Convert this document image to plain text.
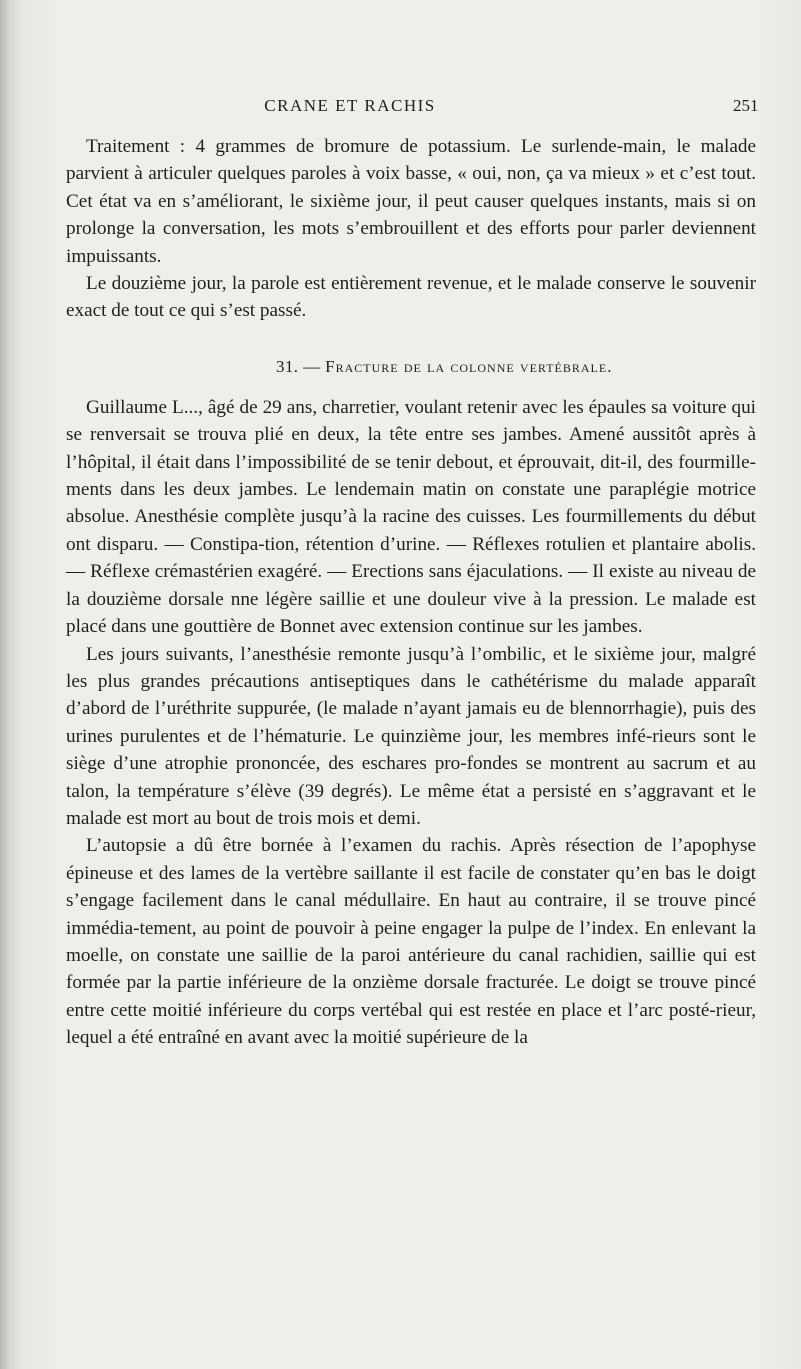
CRANE ET RACHIS	251

Traitement : 4 grammes de bromure de potassium. Le surlende-main, le malade parvient à articuler quelques paroles à voix basse, « oui, non, ça va mieux » et c’est tout. Cet état va en s’améliorant, le sixième jour, il peut causer quelques instants, mais si on prolonge la conversation, les mots s’embrouillent et des efforts pour parler deviennent impuissants.

Le douzième jour, la parole est entièrement revenue, et le malade conserve le souvenir exact de tout ce qui s’est passé.

31. — Fracture de la colonne vertébrale.

Guillaume L..., âgé de 29 ans, charretier, voulant retenir avec les épaules sa voiture qui se renversait se trouva plié en deux, la tête entre ses jambes. Amené aussitôt après à l’hôpital, il était dans l’impossibilité de se tenir debout, et éprouvait, dit-il, des fourmille-ments dans les deux jambes. Le lendemain matin on constate une paraplégie motrice absolue. Anesthésie complète jusqu’à la racine des cuisses. Les fourmillements du début ont disparu. — Constipa-tion, rétention d’urine. — Réflexes rotulien et plantaire abolis. — Réflexe crémastérien exagéré. — Erections sans éjaculations. — Il existe au niveau de la douzième dorsale nne légère saillie et une douleur vive à la pression. Le malade est placé dans une gouttière de Bonnet avec extension continue sur les jambes.

Les jours suivants, l’anesthésie remonte jusqu’à l’ombilic, et le sixième jour, malgré les plus grandes précautions antiseptiques dans le cathétérisme du malade apparaît d’abord de l’uréthrite suppurée, (le malade n’ayant jamais eu de blennorrhagie), puis des urines purulentes et de l’hématurie. Le quinzième jour, les membres infé-rieurs sont le siège d’une atrophie prononcée, des eschares pro-fondes se montrent au sacrum et au talon, la température s’élève (39 degrés). Le même état a persisté en s’aggravant et le malade est mort au bout de trois mois et demi.

L’autopsie a dû être bornée à l’examen du rachis. Après résection de l’apophyse épineuse et des lames de la vertèbre saillante il est facile de constater qu’en bas le doigt s’engage facilement dans le canal médullaire. En haut au contraire, il se trouve pincé immédia-tement, au point de pouvoir à peine engager la pulpe de l’index. En enlevant la moelle, on constate une saillie de la paroi antérieure du canal rachidien, saillie qui est formée par la partie inférieure de la onzième dorsale fracturée. Le doigt se trouve pincé entre cette moitié inférieure du corps vertébal qui est restée en place et l’arc posté-rieur, lequel a été entraîné en avant avec la moitié supérieure de la
